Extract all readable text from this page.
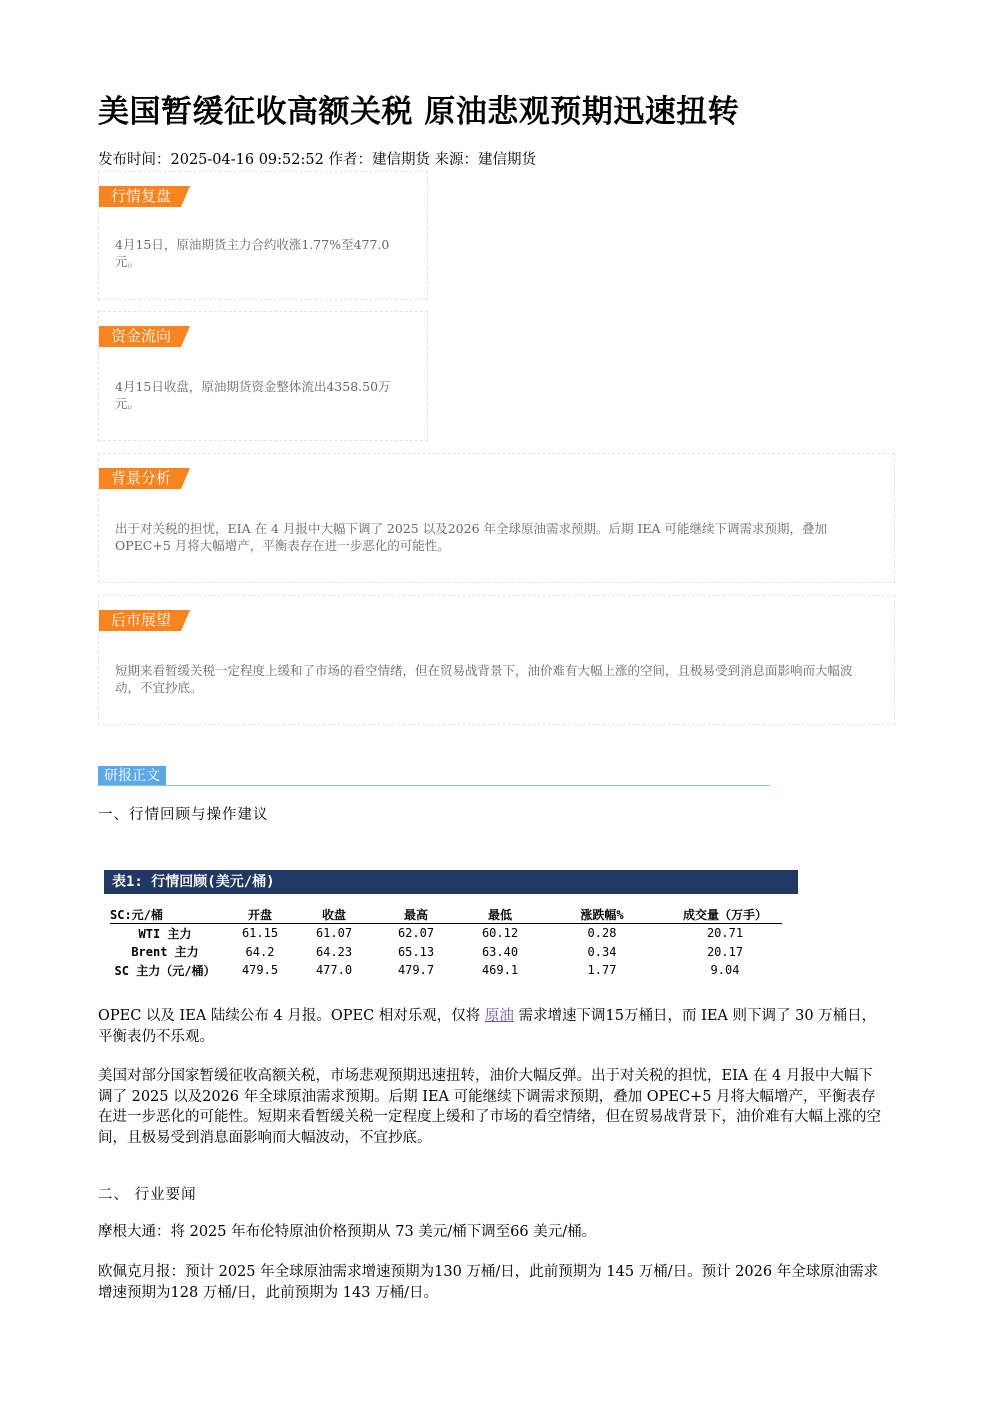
美国暂缓征收高额关税 原油悲观预期迅速扭转
发布时间：2025-04-16 09:52:52 作者：建信期货 来源：建信期货
行情复盘
4月15日，原油期货主力合约收涨1.77%至477.0元。
资金流向
4月15日收盘，原油期货资金整体流出4358.50万元。
背景分析
出于对关税的担忧，EIA 在 4 月报中大幅下调了 2025 以及2026 年全球原油需求预期。后期 IEA 可能继续下调需求预期，叠加 OPEC+5 月将大幅增产，平衡表存在进一步恶化的可能性。
后市展望
短期来看暂缓关税一定程度上缓和了市场的看空情绪，但在贸易战背景下，油价难有大幅上涨的空间，且极易受到消息面影响而大幅波动，不宜抄底。
研报正文
一、行情回顾与操作建议
表1: 行情回顾(美元/桶)
SC:元/桶	开盘	收盘	最高	最低	涨跌幅%	成交量（万手）
WTI 主力	61.15	61.07	62.07	60.12	0.28	20.71
Brent 主力	64.2	64.23	65.13	63.40	0.34	20.17
SC 主力（元/桶）	479.5	477.0	479.7	469.1	1.77	9.04
OPEC 以及 IEA 陆续公布 4 月报。OPEC 相对乐观，仅将 原油 需求增速下调15万桶日，而 IEA 则下调了 30 万桶日，平衡表仍不乐观。
美国对部分国家暂缓征收高额关税，市场悲观预期迅速扭转，油价大幅反弹。出于对关税的担忧，EIA 在 4 月报中大幅下调了 2025 以及2026 年全球原油需求预期。后期 IEA 可能继续下调需求预期，叠加 OPEC+5 月将大幅增产，平衡表存在进一步恶化的可能性。短期来看暂缓关税一定程度上缓和了市场的看空情绪，但在贸易战背景下，油价难有大幅上涨的空间，且极易受到消息面影响而大幅波动，不宜抄底。
二、 行业要闻
摩根大通：将 2025 年布伦特原油价格预期从 73 美元/桶下调至66 美元/桶。
欧佩克月报：预计 2025 年全球原油需求增速预期为130 万桶/日，此前预期为 145 万桶/日。预计 2026 年全球原油需求增速预期为128 万桶/日，此前预期为 143 万桶/日。
